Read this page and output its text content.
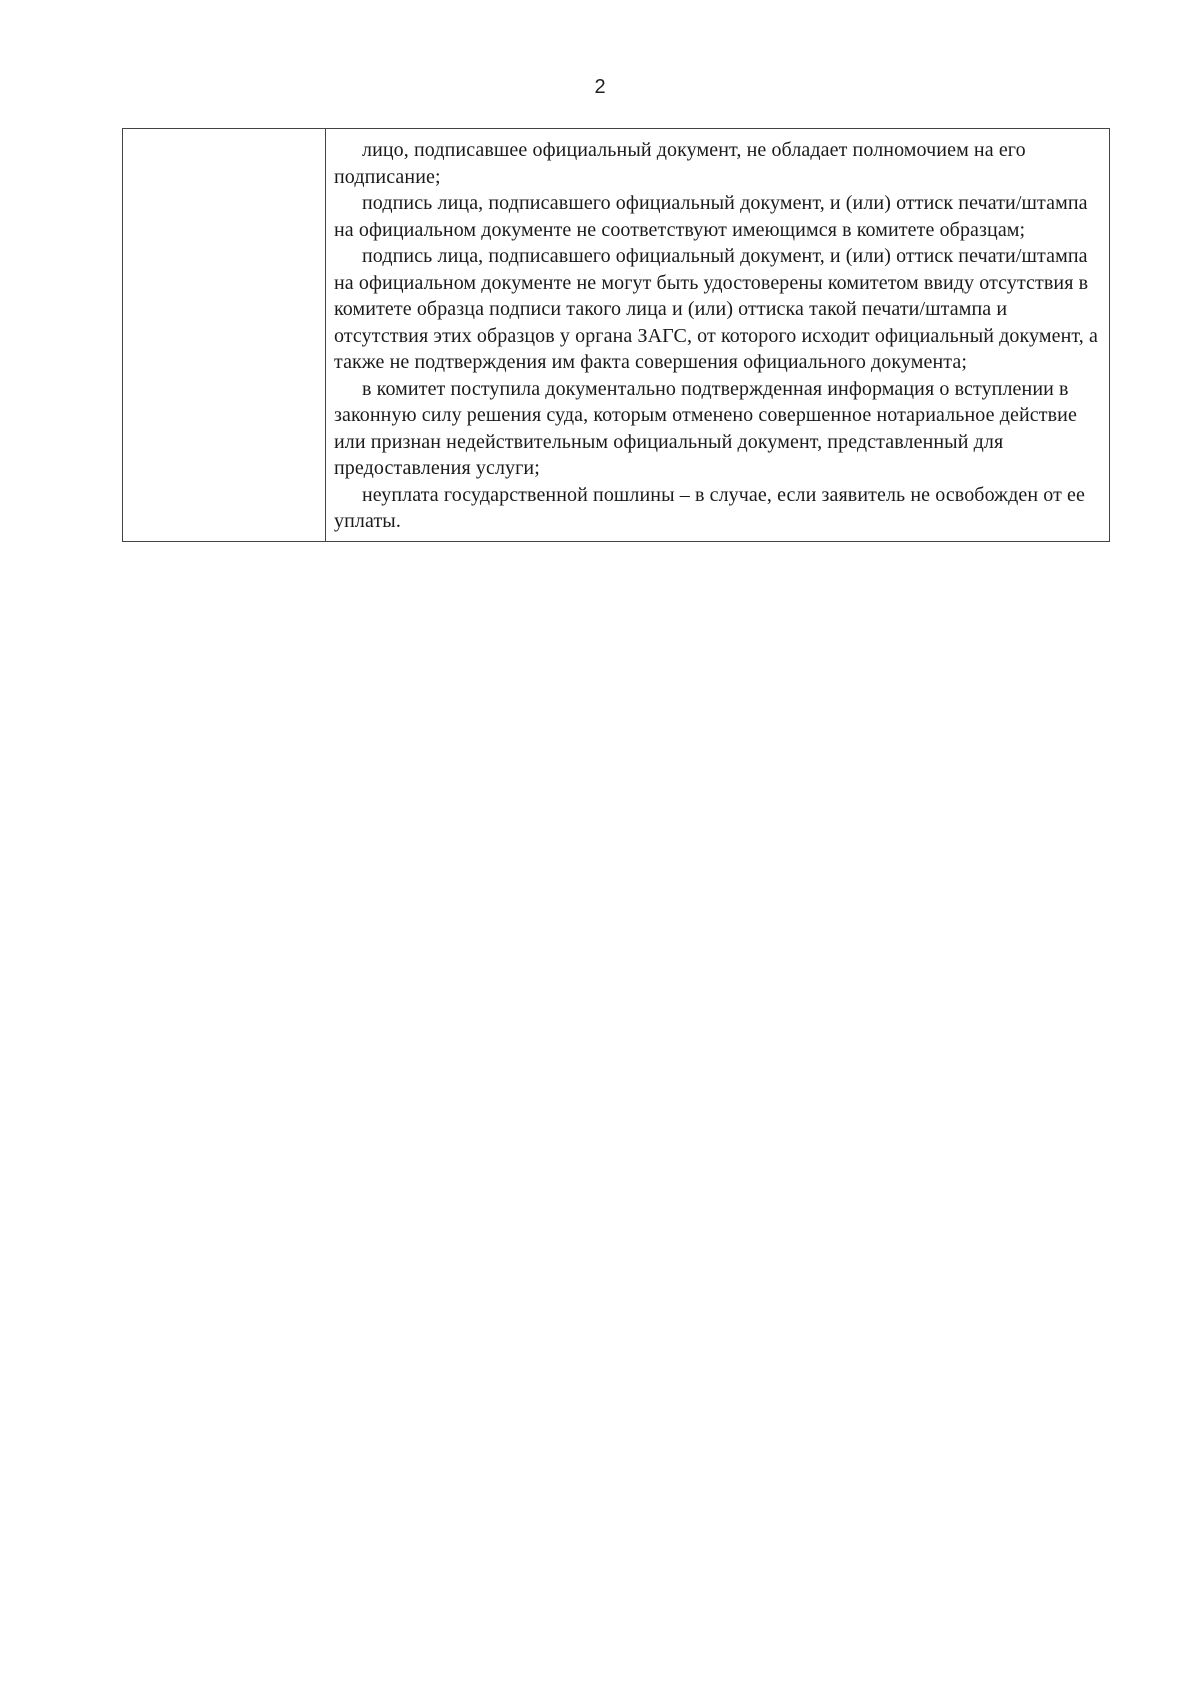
2

лицо, подписавшее официальный документ, не обладает полномочием на его подписание;

подпись лица, подписавшего официальный документ, и (или) оттиск печати/штампа на официальном документе не соответствуют имеющимся в комитете образцам;

подпись лица, подписавшего официальный документ, и (или) оттиск печати/штампа на официальном документе не могут быть удостоверены комитетом ввиду отсутствия в комитете образца подписи такого лица и (или) оттиска такой печати/штампа и отсутствия этих образцов у органа ЗАГС, от которого исходит официальный документ, а также не подтверждения им факта совершения официального документа;

в комитет поступила документально подтвержденная информация о вступлении в законную силу решения суда, которым отменено совершенное нотариальное действие или признан недействительным официальный документ, представленный для предоставления услуги;

неуплата государственной пошлины – в случае, если заявитель не освобожден от ее уплаты.
